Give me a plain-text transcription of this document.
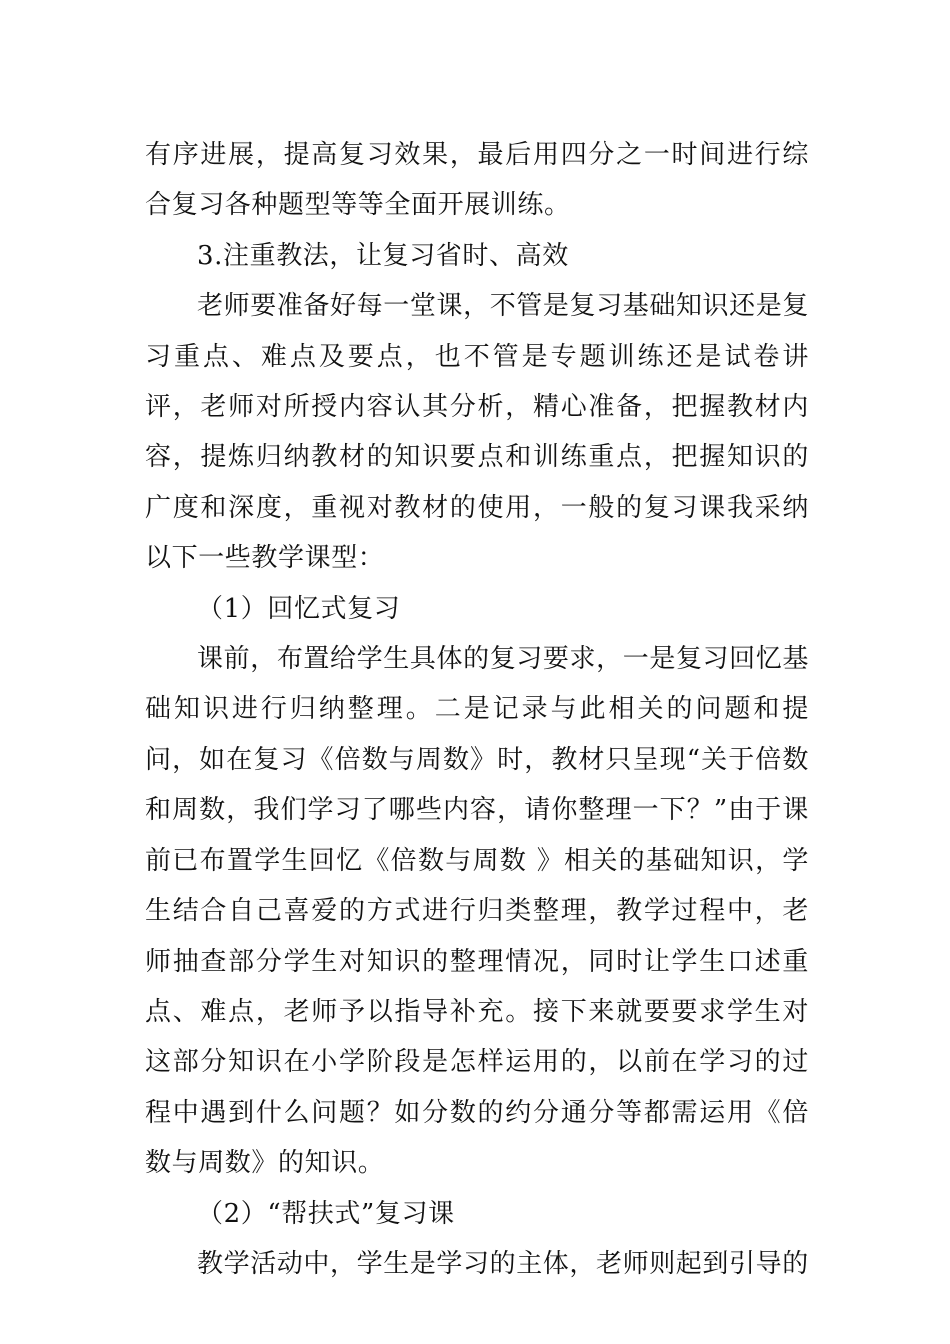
有序进展，提高复习效果，最后用四分之一时间进行综合复习各种题型等等全面开展训练。

3.注重教法，让复习省时、高效

老师要准备好每一堂课，不管是复习基础知识还是复习重点、难点及要点，也不管是专题训练还是试卷讲评，老师对所授内容认其分析，精心准备，把握教材内容，提炼归纳教材的知识要点和训练重点，把握知识的广度和深度，重视对教材的使用，一般的复习课我采纳以下一些教学课型：

（1）回忆式复习

课前，布置给学生具体的复习要求，一是复习回忆基础知识进行归纳整理。二是记录与此相关的问题和提问，如在复习《倍数与周数》时，教材只呈现“关于倍数和周数，我们学习了哪些内容，请你整理一下？”由于课前已布置学生回忆《倍数与周数 》相关的基础知识，学生结合自己喜爱的方式进行归类整理，教学过程中，老师抽查部分学生对知识的整理情况，同时让学生口述重点、难点，老师予以指导补充。接下来就要要求学生对这部分知识在小学阶段是怎样运用的，以前在学习的过程中遇到什么问题？如分数的约分通分等都需运用《倍数与周数》的知识。

（2）“帮扶式”复习课

教学活动中，学生是学习的主体，老师则起到引导的
